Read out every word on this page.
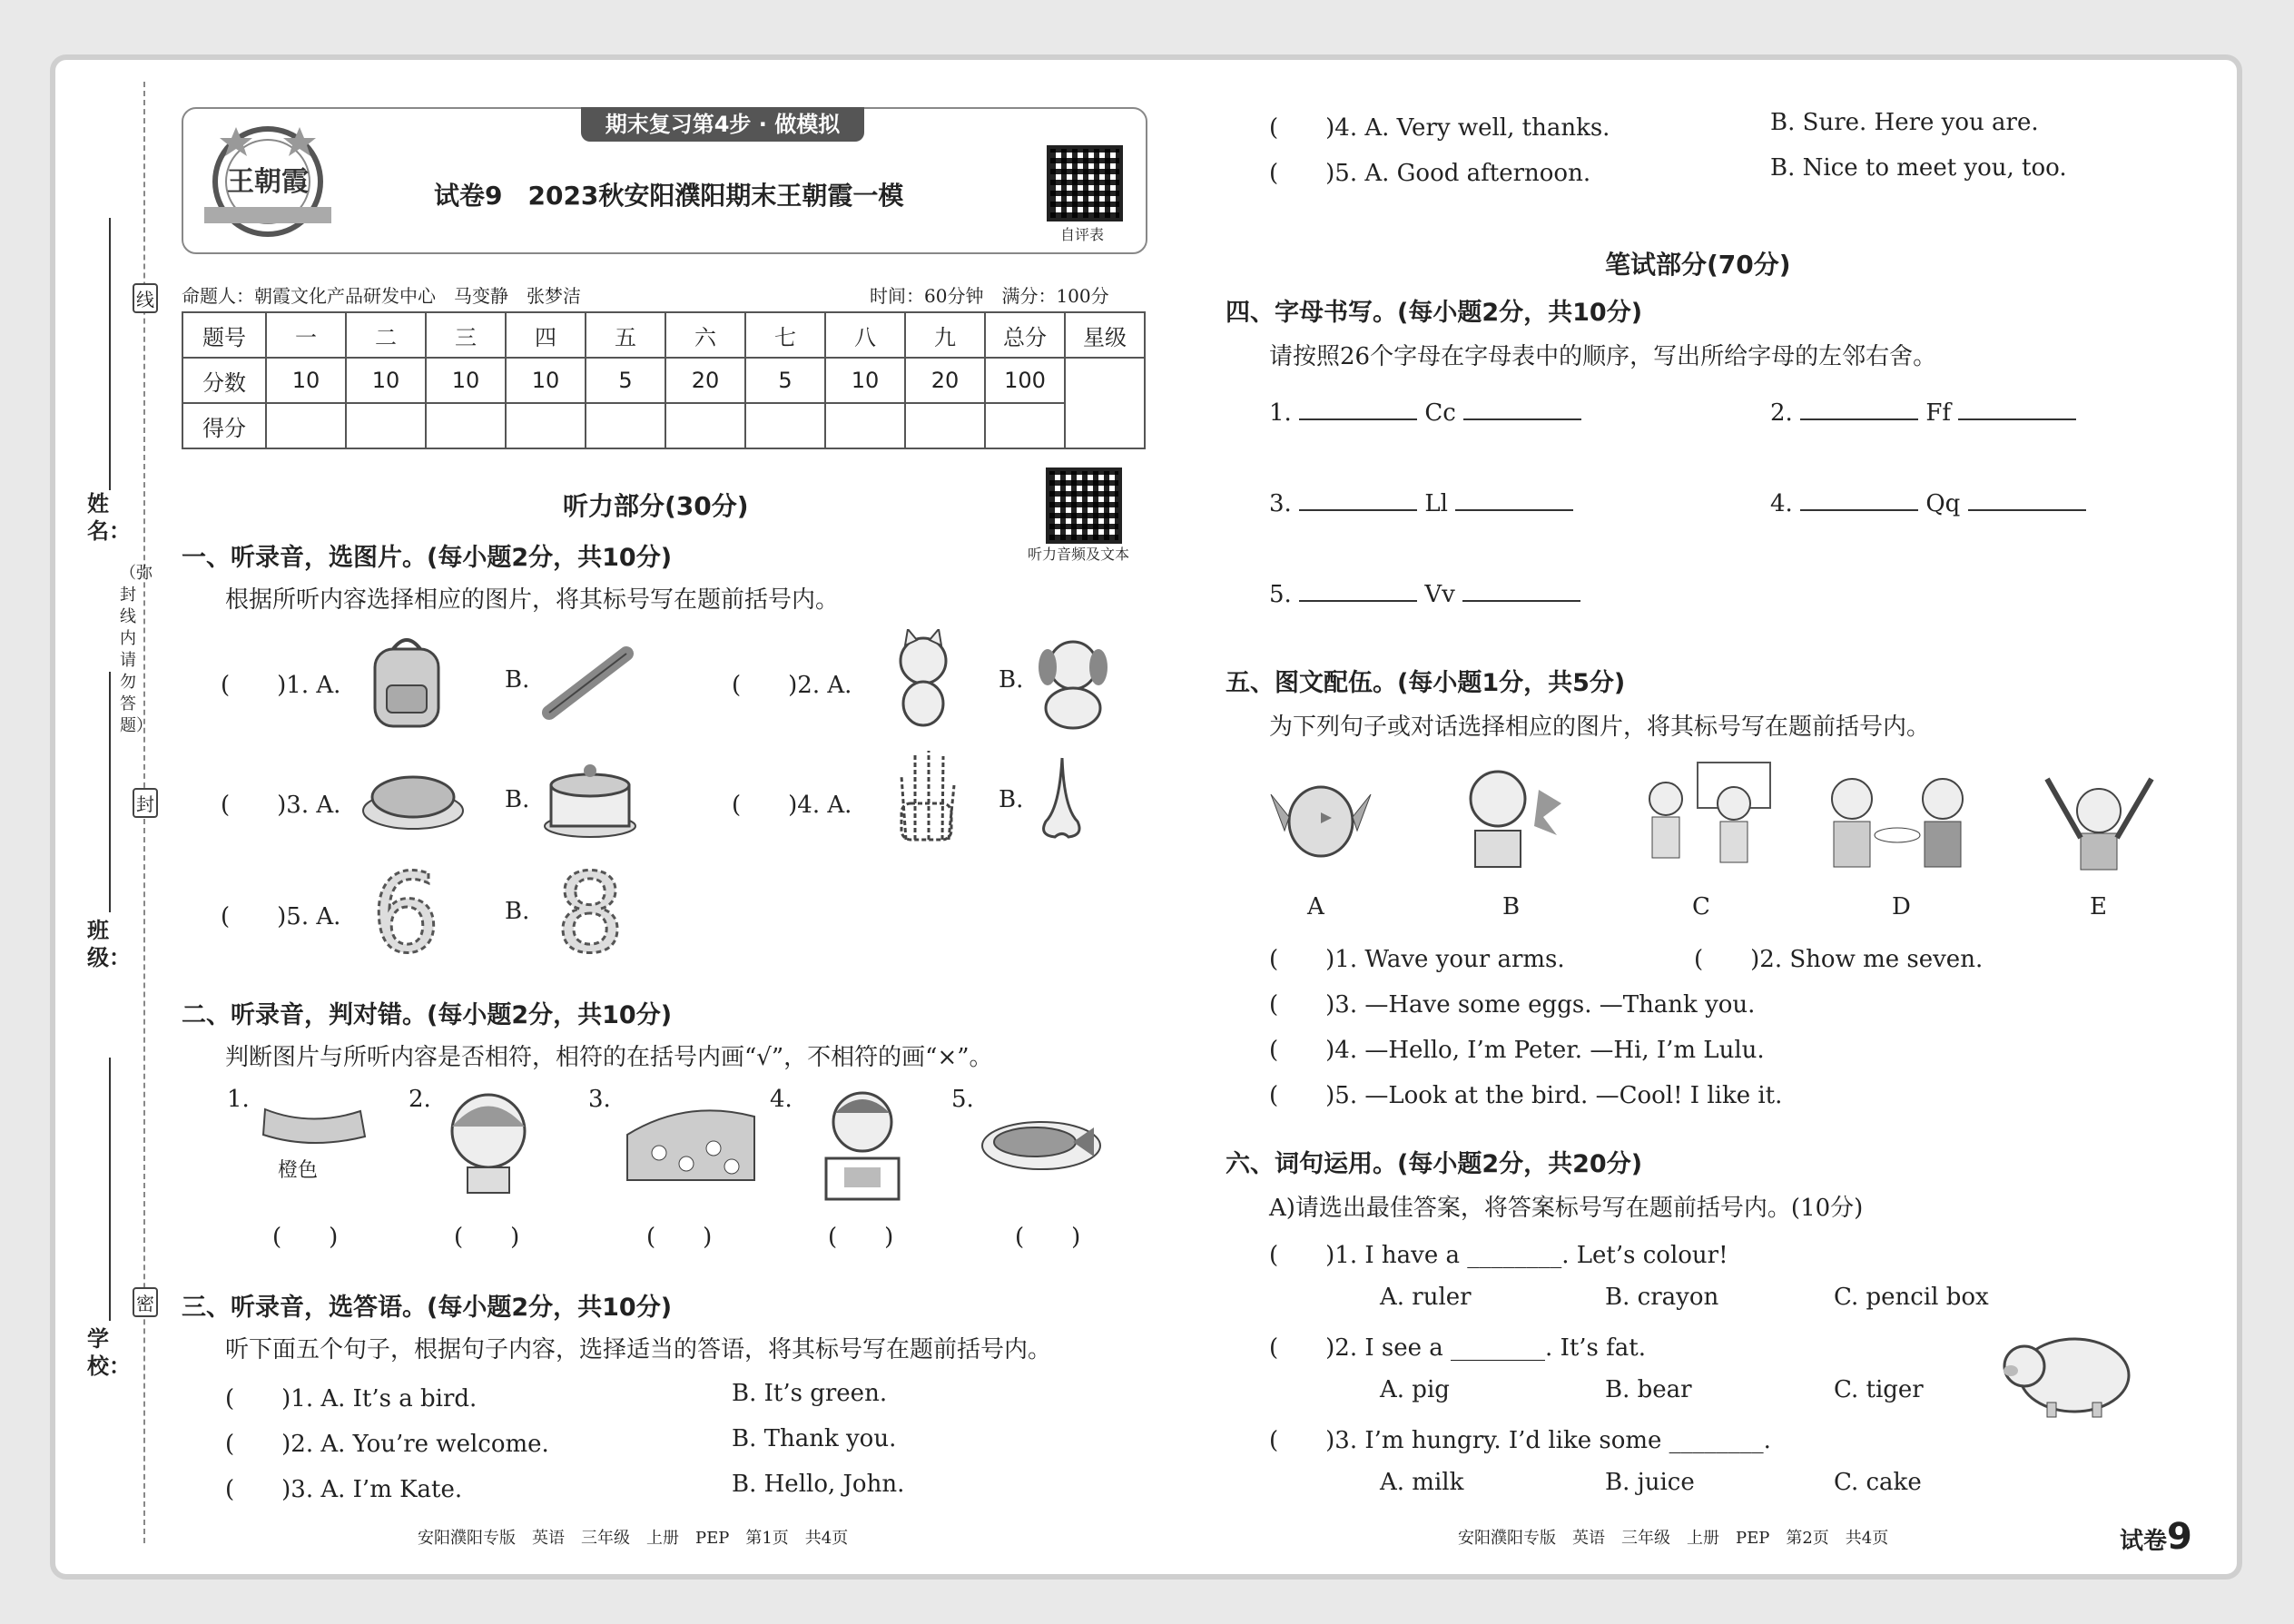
线
封
密
（弥封线内请勿答题）
姓名：
班级：
学校：
期末复习第4步 · 做模拟
王朝霞	试卷9　2023秋安阳濮阳期末王朝霞一模
自评表
命题人：朝霞文化产品研发中心　马变静　张梦洁	时间：60分钟　满分：100分
题号	一	二	三	四	五	六	七	八	九	总分	星级
分数	10	10	10	10	5	20	5	10	20	100	
得分											
听力部分(30分)
听力音频及文本
一、听录音，选图片。(每小题2分，共10分)
根据所听内容选择相应的图片，将其标号写在题前括号内。
(　　)1. A.	B.	(　　)2. A.	B.
(　　)3. A.	B.	(　　)4. A.	B.
(　　)5. A. 6	B. 8
二、听录音，判对错。(每小题2分，共10分)
判断图片与所听内容是否相符，相符的在括号内画“√”，不相符的画“×”。
1.
橙色
(　　)
2.
(　　)
3.
(　　)
4.
(　　)
5.
(　　)
三、听录音，选答语。(每小题2分，共10分)
听下面五个句子，根据句子内容，选择适当的答语，将其标号写在题前括号内。
(　　)1. A. It’s a bird.	B. It’s green.
(　　)2. A. You’re welcome.	B. Thank you.
(　　)3. A. I’m Kate.	B. Hello, John.
安阳濮阳专版　英语　三年级　上册　PEP　第1页　共4页
(　　)4. A. Very well, thanks.	B. Sure. Here you are.
(　　)5. A. Good afternoon.	B. Nice to meet you, too.
笔试部分(70分)
四、字母书写。(每小题2分，共10分)
请按照26个字母在字母表中的顺序，写出所给字母的左邻右舍。
1.	Cc	2.	Ff
3.	Ll	4.	Qq
5.	Vv
五、图文配伍。(每小题1分，共5分)
为下列句子或对话选择相应的图片，将其标号写在题前括号内。
A	B	C	D	E
(　　)1. Wave your arms.	(　　)2. Show me seven.
(　　)3. —Have some eggs. —Thank you.
(　　)4. —Hello, I’m Peter. —Hi, I’m Lulu.
(　　)5. —Look at the bird. —Cool! I like it.
六、词句运用。(每小题2分，共20分)
A)请选出最佳答案，将答案标号写在题前括号内。(10分)
(　　)1. I have a ________. Let’s colour!
A. ruler	B. crayon	C. pencil box
(　　)2. I see a ________. It’s fat.
A. pig	B. bear	C. tiger
(　　)3. I’m hungry. I’d like some ________.
A. milk	B. juice	C. cake
安阳濮阳专版　英语　三年级　上册　PEP　第2页　共4页	试卷9
